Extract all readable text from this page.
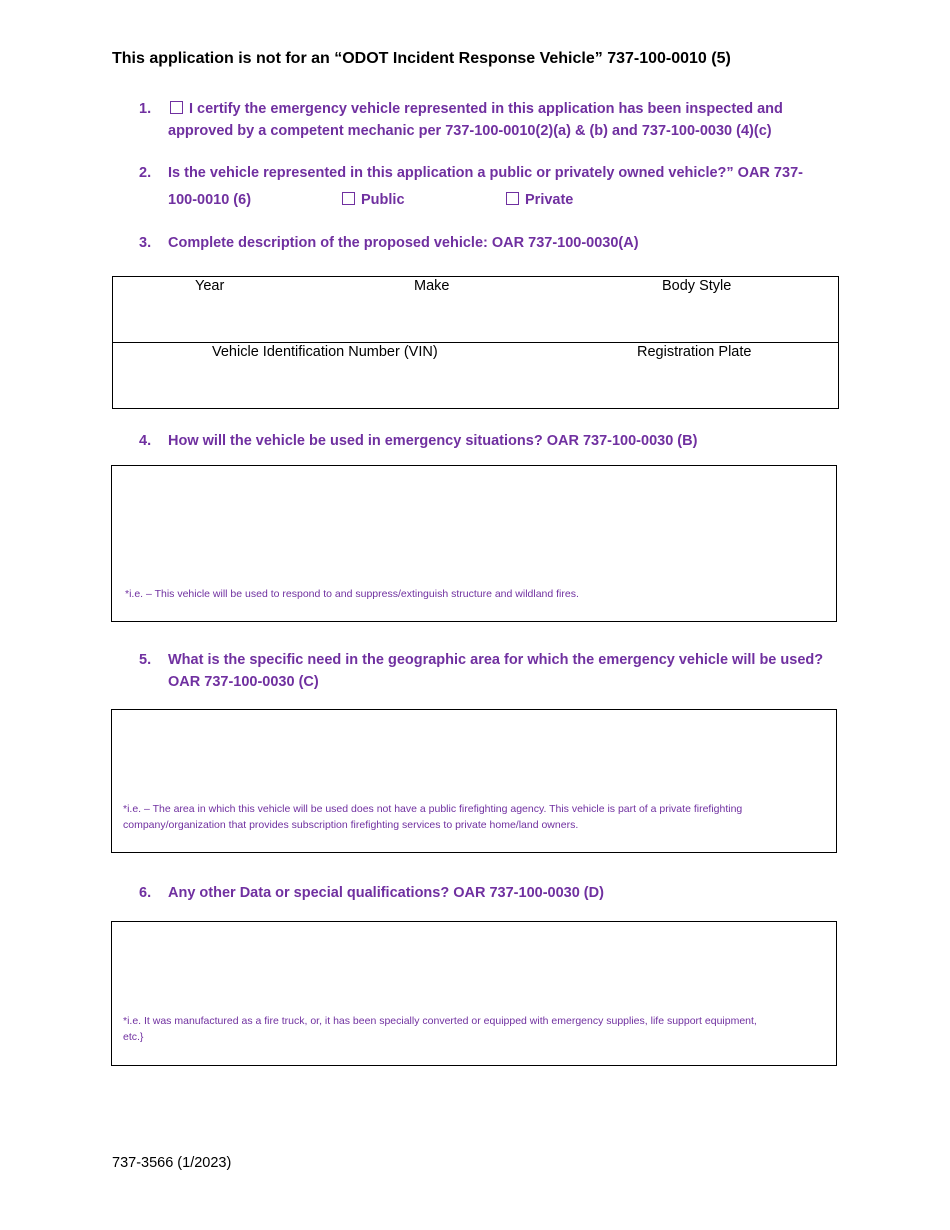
This application is not for an “ODOT Incident Response Vehicle” 737-100-0010 (5)
1.	I certify the emergency vehicle represented in this application has been inspected and
approved by a competent mechanic per 737-100-0010(2)(a) & (b) and 737-100-0030 (4)(c)
2.	Is the vehicle represented in this application a public or privately owned vehicle?” OAR 737-
100-0010 (6)	Public	Private
3.	Complete description of the proposed vehicle: OAR 737-100-0030(A)

Year	Make	Body Style
Vehicle Identification Number (VIN)	Registration Plate
4.	How will the vehicle be used in emergency situations? OAR 737-100-0030 (B)
*i.e. – This vehicle will be used to respond to and suppress/extinguish structure and wildland fires.
5.	What is the specific need in the geographic area for which the emergency vehicle will be used?
OAR 737-100-0030 (C)
*i.e. – The area in which this vehicle will be used does not have a public firefighting agency. This vehicle is part of a private firefighting
company/organization that provides subscription firefighting services to private home/land owners.
6.	Any other Data or special qualifications? OAR 737-100-0030 (D)
*i.e. It was manufactured as a fire truck, or, it has been specially converted or equipped with emergency supplies, life support equipment,
etc.}
737-3566 (1/2023)
